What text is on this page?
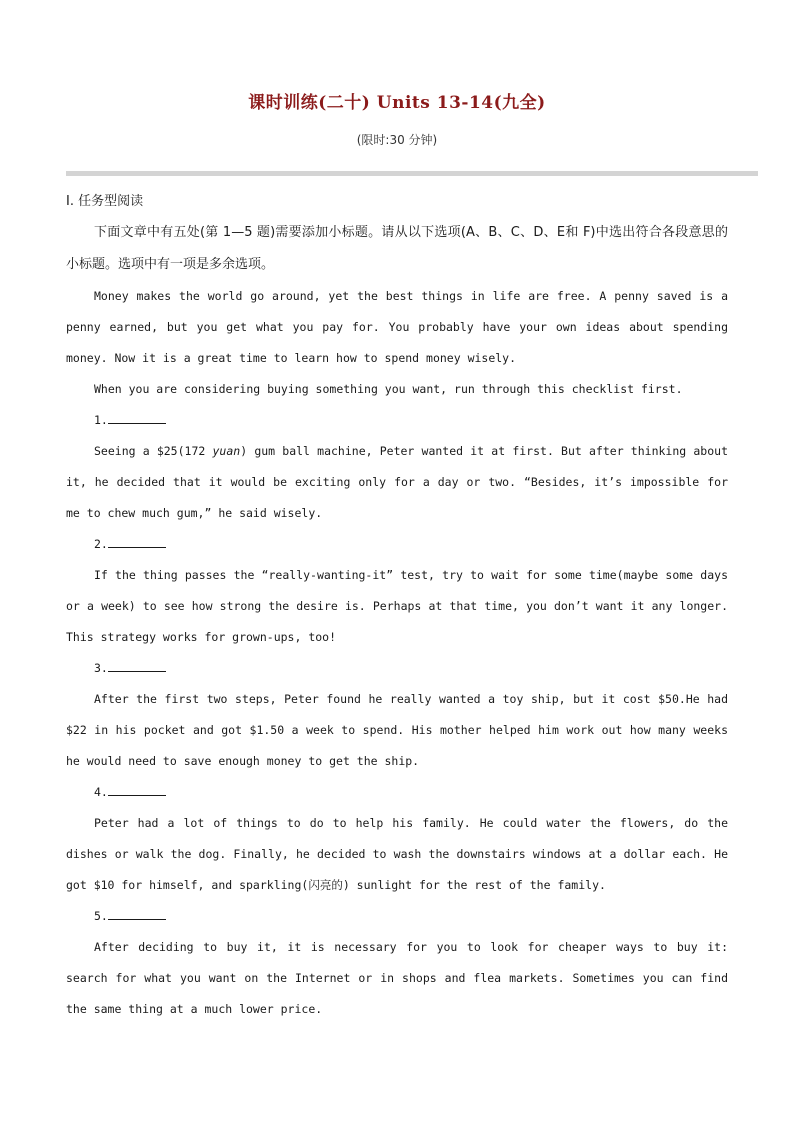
课时训练(二十) Units 13-14(九全)
(限时:30 分钟)
Ⅰ. 任务型阅读

下面文章中有五处(第 1—5 题)需要添加小标题。请从以下选项(A、B、C、D、E和 F)中选出符合各段意思的小标题。选项中有一项是多余选项。

Money makes the world go around, yet the best things in life are free. A penny saved is a penny earned, but you get what you pay for. You probably have your own ideas about spending money. Now it is a great time to learn how to spend money wisely.

When you are considering buying something you want, run through this checklist first.

1.

Seeing a $25(172 yuan) gum ball machine, Peter wanted it at first. But after thinking about it, he decided that it would be exciting only for a day or two. “Besides, it’s impossible for me to chew much gum,” he said wisely.

2.

If the thing passes the “really-wanting-it” test, try to wait for some time(maybe some days or a week) to see how strong the desire is. Perhaps at that time, you don’t want it any longer. This strategy works for grown-ups, too!

3.

After the first two steps, Peter found he really wanted a toy ship, but it cost $50.He had $22 in his pocket and got $1.50 a week to spend. His mother helped him work out how many weeks he would need to save enough money to get the ship.

4.

Peter had a lot of things to do to help his family. He could water the flowers, do the dishes or walk the dog. Finally, he decided to wash the downstairs windows at a dollar each. He got $10 for himself, and sparkling(闪亮的) sunlight for the rest of the family.

5.

After deciding to buy it, it is necessary for you to look for cheaper ways to buy it: search for what you want on the Internet or in shops and flea markets. Sometimes you can find the same thing at a much lower price.
